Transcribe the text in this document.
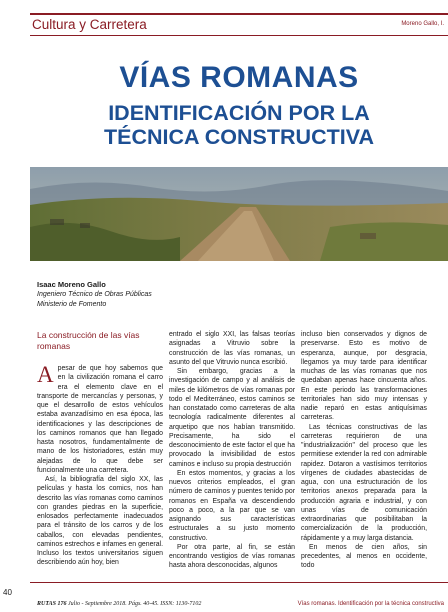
Cultura y Carretera	Moreno Gallo, I.
VÍAS ROMANAS
IDENTIFICACIÓN POR LA
TÉCNICA CONSTRUCTIVA
Isaac Moreno Gallo
Ingeniero Técnico de Obras Públicas
Ministerio de Fomento
La construcción de las vías romanas

Apesar de que hoy sabemos que en la civilización romana el carro era el elemento clave en el transporte de mercancías y personas, y que el desarrollo de estos vehículos estaba avanzadísimo en esa época, las identificaciones y las descripciones de los caminos romanos que han llegado hasta nosotros, fundamentalmente de mano de los historiadores, están muy alejadas de lo que debe ser funcionalmente una carretera.

Así, la bibliografía del siglo XX, las películas y hasta los comics, nos han descrito las vías romanas como caminos con grandes piedras en la superficie, enlosados perfectamente inadecuados para el tránsito de los carros y de los caballos, con elevadas pendientes, caminos estrechos e infames en general. Incluso los textos universitarios siguen describiendo aún hoy, bien

entrado el siglo XXI, las falsas teorías asignadas a Vitruvio sobre la construcción de las vías romanas, un asunto del que Vitruvio nunca escribió.

Sin embargo, gracias a la investigación de campo y al análisis de miles de kilómetros de vías romanas por todo el Mediterráneo, estos caminos se han constatado como carreteras de alta tecnología radicalmente diferentes al arquetipo que nos habían transmitido. Precisamente, ha sido el desconocimiento de este factor el que ha provocado la invisibilidad de estos caminos e incluso su propia destrucción

En estos momentos, y gracias a los nuevos criterios empleados, el gran número de caminos y puentes tenido por romanos en España va descendiendo poco a poco, a la par que se van asignando sus características estructurales a su justo momento constructivo.

Por otra parte, al fin, se están encontrando vestigios de vías romanas hasta ahora desconocidas, algunos

incluso bien conservados y dignos de preservarse. Esto es motivo de esperanza, aunque, por desgracia, llegamos ya muy tarde para identificar muchas de las vías romanas que nos quedaban apenas hace cincuenta años. En este periodo las transformaciones territoriales han sido muy intensas y nadie reparó en estas antiquísimas carreteras.

Las técnicas constructivas de las carreteras requirieron de una "industrialización" del proceso que les permitiese extender la red con admirable rapidez. Dotaron a vastísimos territorios vírgenes de ciudades abastecidas de agua, con una estructuración de los territorios anexos preparada para la producción agraria e industrial, y con unas vías de comunicación extraordinarias que posibilitaban la comercialización de la producción, rápidamente y a muy larga distancia.

En menos de cien años, sin precedentes, al menos en occidente, todo

40
RUTAS 176 Julio - Septiembre 2018. Págs. 40-45. ISSN: 1130-7102	Vías romanas. Identificación por la técnica constructiva
